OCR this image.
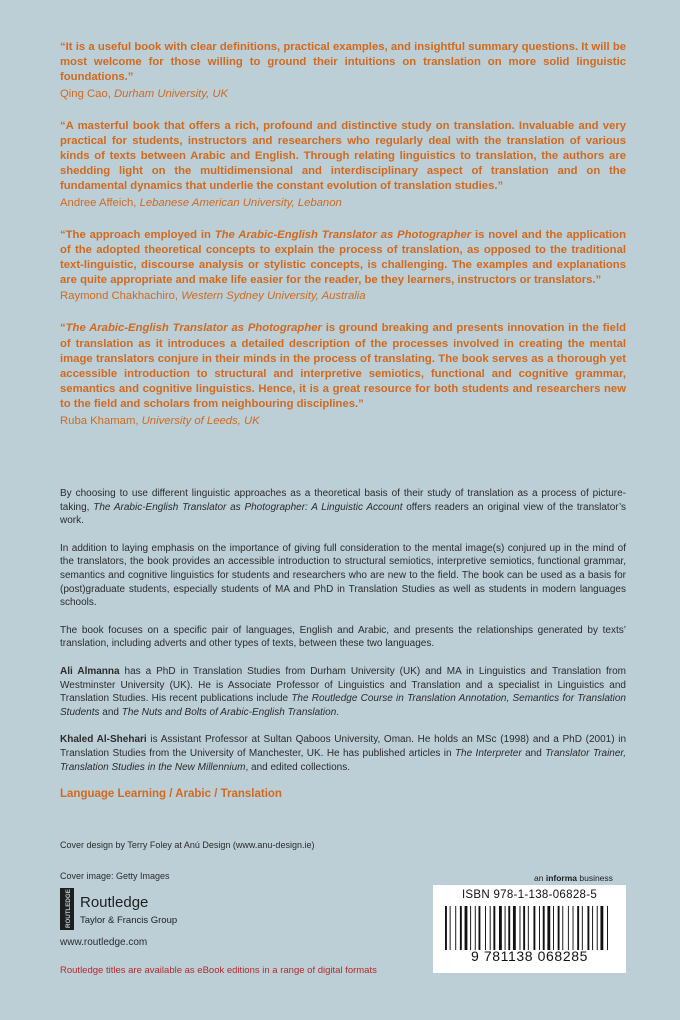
“It is a useful book with clear definitions, practical examples, and insightful summary questions. It will be most welcome for those willing to ground their intuitions on translation on more solid linguistic foundations.”

Qing Cao, Durham University, UK

“A masterful book that offers a rich, profound and distinctive study on translation. Invaluable and very practical for students, instructors and researchers who regularly deal with the translation of various kinds of texts between Arabic and English. Through relating linguistics to translation, the authors are shedding light on the multidimensional and interdisciplinary aspect of translation and on the fundamental dynamics that underlie the constant evolution of translation studies.”

Andree Affeich, Lebanese American University, Lebanon

“The approach employed in The Arabic-English Translator as Photographer is novel and the application of the adopted theoretical concepts to explain the process of translation, as opposed to the traditional text-linguistic, discourse analysis or stylistic concepts, is challenging. The examples and explanations are quite appropriate and make life easier for the reader, be they learners, instructors or translators.”

Raymond Chakhachiro, Western Sydney University, Australia

“The Arabic-English Translator as Photographer is ground breaking and presents innovation in the field of translation as it introduces a detailed description of the processes involved in creating the mental image translators conjure in their minds in the process of translating. The book serves as a thorough yet accessible introduction to structural and interpretive semiotics, functional and cognitive grammar, semantics and cognitive linguistics. Hence, it is a great resource for both students and researchers new to the field and scholars from neighbouring disciplines.”

Ruba Khamam, University of Leeds, UK

By choosing to use different linguistic approaches as a theoretical basis of their study of translation as a process of picture-taking, The Arabic-English Translator as Photographer: A Linguistic Account offers readers an original view of the translator’s work.

In addition to laying emphasis on the importance of giving full consideration to the mental image(s) conjured up in the mind of the translators, the book provides an accessible introduction to structural semiotics, interpretive semiotics, functional grammar, semantics and cognitive linguistics for students and researchers who are new to the field. The book can be used as a basis for (post)graduate students, especially students of MA and PhD in Translation Studies as well as students in modern languages schools.

The book focuses on a specific pair of languages, English and Arabic, and presents the relationships generated by texts’ translation, including adverts and other types of texts, between these two languages.

Ali Almanna has a PhD in Translation Studies from Durham University (UK) and MA in Linguistics and Translation from Westminster University (UK). He is Associate Professor of Linguistics and Translation and a specialist in Linguistics and Translation Studies. His recent publications include The Routledge Course in Translation Annotation, Semantics for Translation Students and The Nuts and Bolts of Arabic-English Translation.

Khaled Al-Shehari is Assistant Professor at Sultan Qaboos University, Oman. He holds an MSc (1998) and a PhD (2001) in Translation Studies from the University of Manchester, UK. He has published articles in The Interpreter and Translator Trainer, Translation Studies in the New Millennium, and edited collections.

Language Learning / Arabic / Translation

Cover design by Terry Foley at Anú Design (www.anu-design.ie)
Cover image: Getty Images
ROUTLEDGE Routledge
Taylor & Francis Group
www.routledge.com
Routledge titles are available as eBook editions in a range of digital formats
an informa business
ISBN 978-1-138-06828-5
9 781138 068285
